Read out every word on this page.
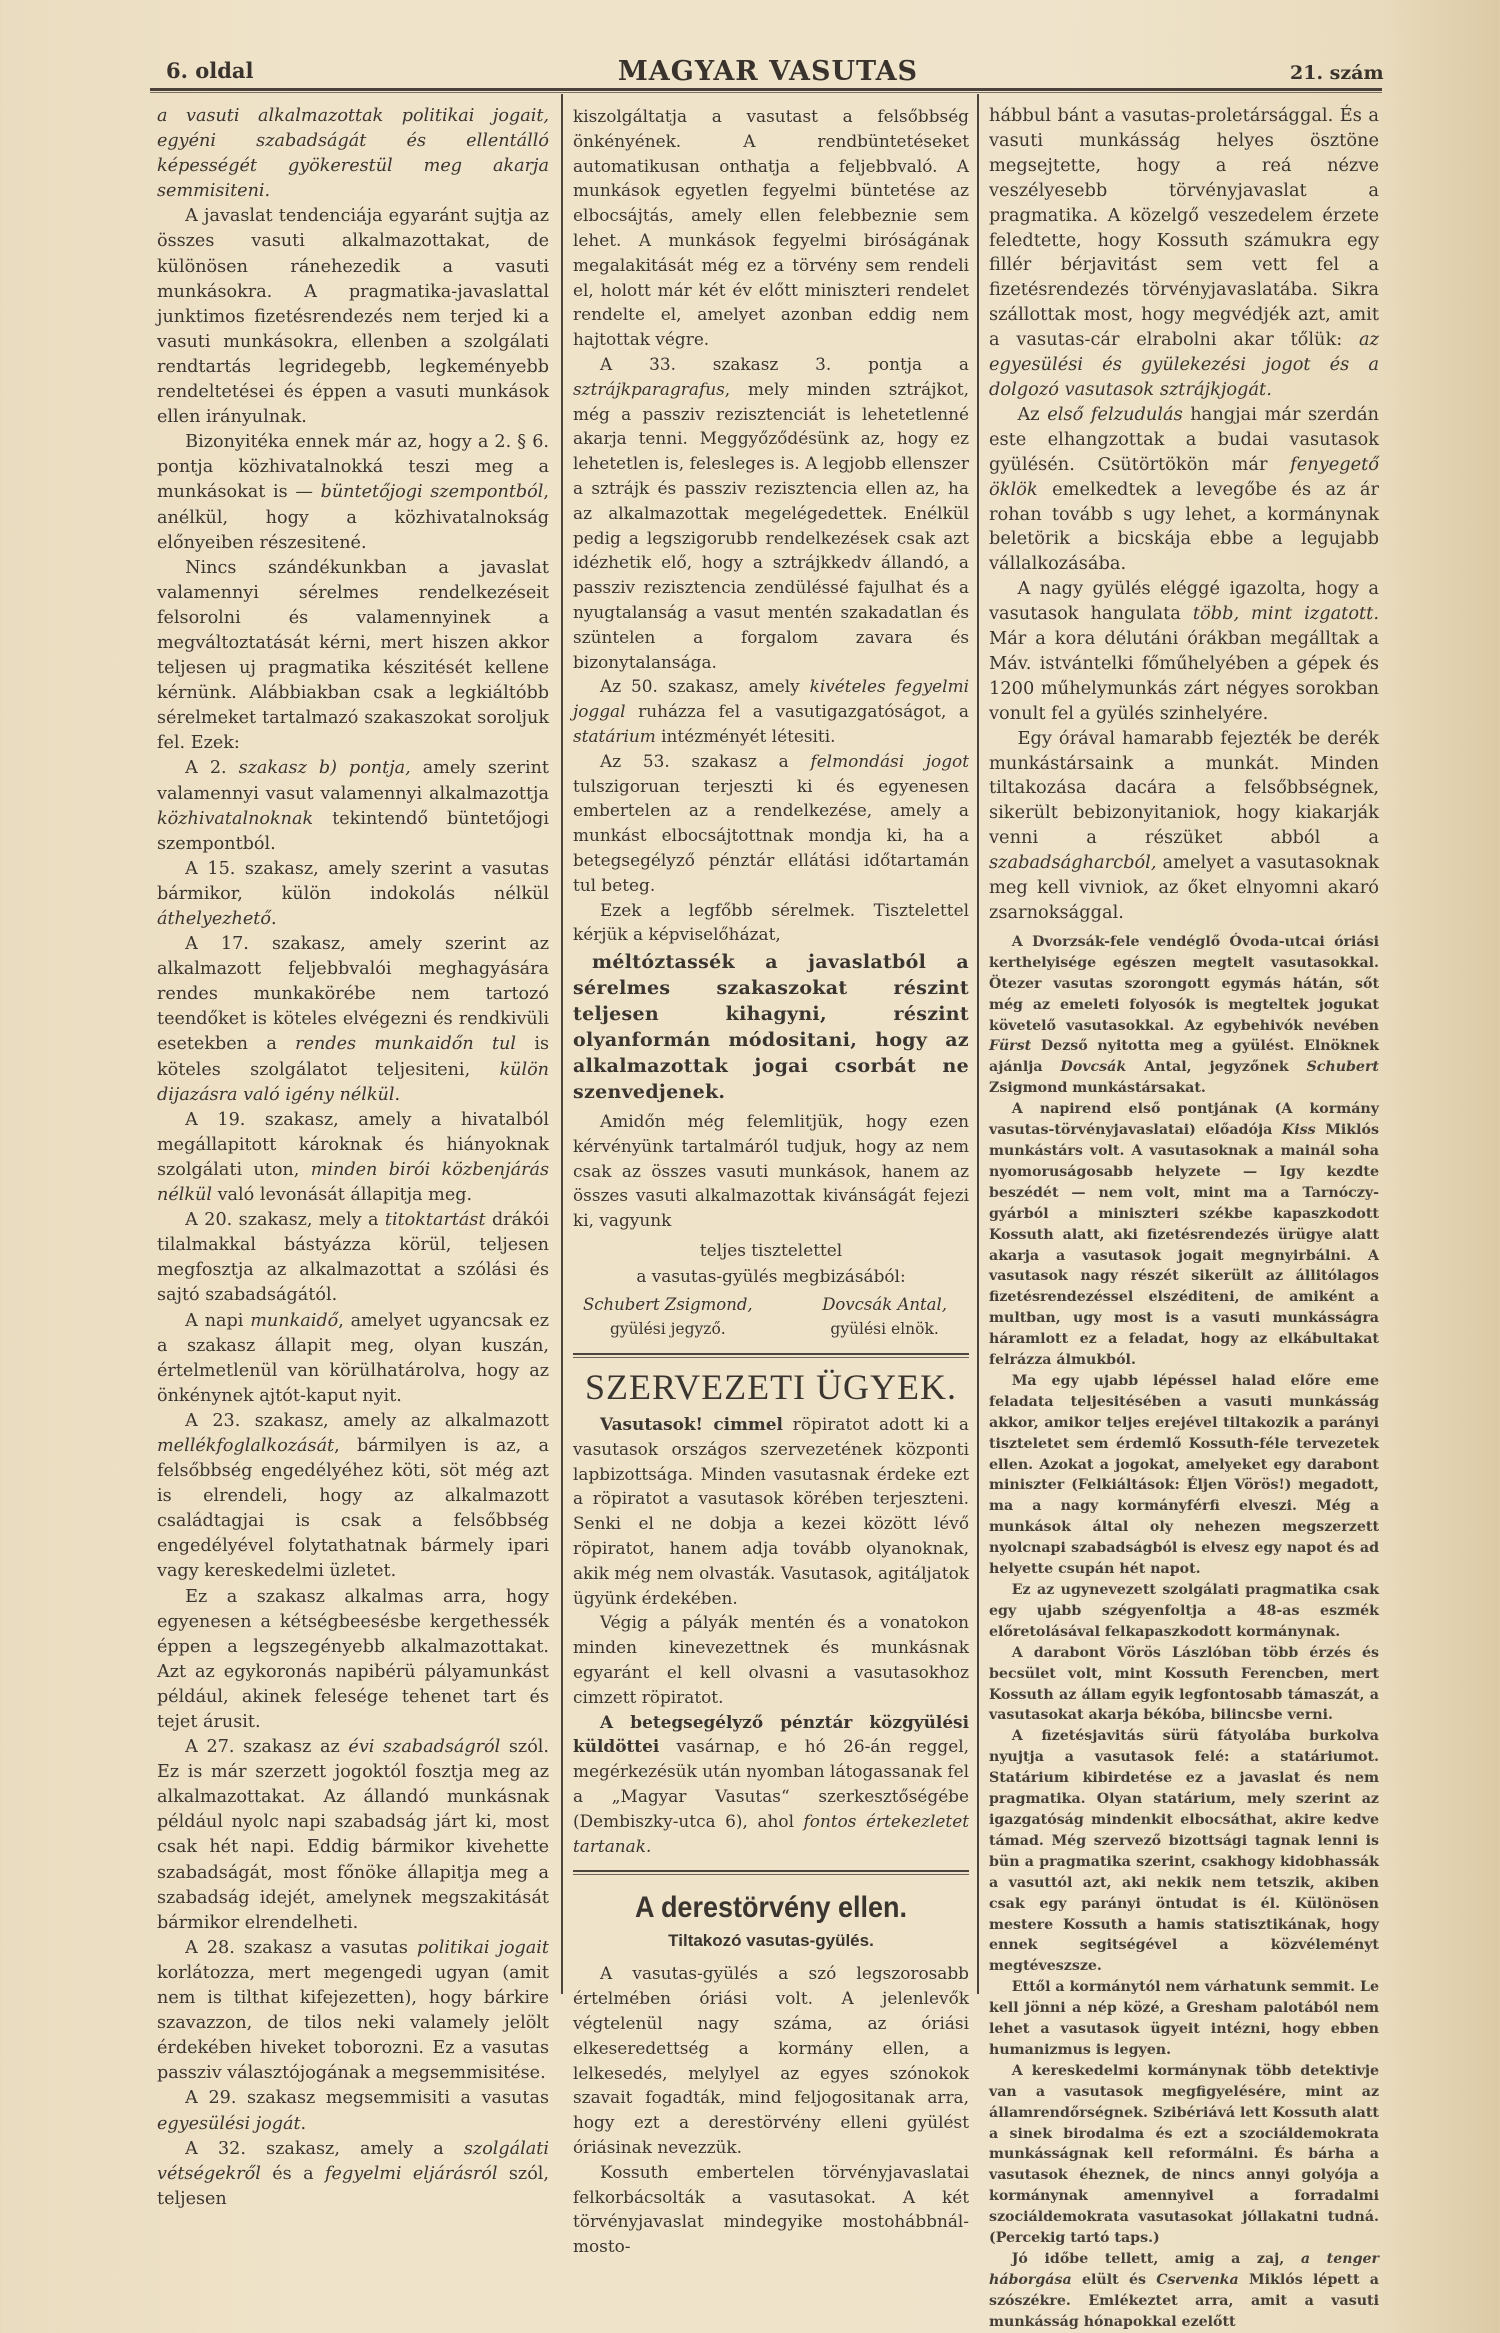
6. oldal	MAGYAR VASUTAS	21. szám

a vasuti alkalmazottak politikai jogait, egyéni szabadságát és ellentálló képességét gyökerestül meg akarja semmisiteni.

A javaslat tendenciája egyaránt sujtja az összes vasuti alkalmazottakat, de különösen ránehezedik a vasuti munkásokra. A pragmatika-javaslattal junktimos fizetésrendezés nem terjed ki a vasuti munkásokra, ellenben a szolgálati rendtartás legridegebb, legkeményebb rendeltetései és éppen a vasuti munkások ellen irányulnak.

Bizonyitéka ennek már az, hogy a 2. § 6. pontja közhivatalnokká teszi meg a munkásokat is — büntetőjogi szempontból, anélkül, hogy a közhivatalnokság előnyeiben részesitené.

Nincs szándékunkban a javaslat valamennyi sérelmes rendelkezéseit felsorolni és valamennyinek a megváltoztatását kérni, mert hiszen akkor teljesen uj pragmatika készitését kellene kérnünk. Alábbiakban csak a legkiáltóbb sérelmeket tartalmazó szakaszokat soroljuk fel. Ezek:

A 2. szakasz b) pontja, amely szerint valamennyi vasut valamennyi alkalmazottja közhivatalnoknak tekintendő büntetőjogi szempontból.

A 15. szakasz, amely szerint a vasutas bármikor, külön indokolás nélkül áthelyezhető.

A 17. szakasz, amely szerint az alkalmazott feljebbvalói meghagyására rendes munkakörébe nem tartozó teendőket is köteles elvégezni és rendkivüli esetekben a rendes munkaidőn tul is köteles szolgálatot teljesiteni, külön dijazásra való igény nélkül.

A 19. szakasz, amely a hivatalból megállapitott károknak és hiányoknak szolgálati uton, minden birói közbenjárás nélkül való levonását állapitja meg.

A 20. szakasz, mely a titoktartást drákói tilalmakkal bástyázza körül, teljesen megfosztja az alkalmazottat a szólási és sajtó szabadságától.

A napi munkaidő, amelyet ugyancsak ez a szakasz állapit meg, olyan kuszán, értelmetlenül van körülhatárolva, hogy az önkénynek ajtót-kaput nyit.

A 23. szakasz, amely az alkalmazott mellékfoglalkozását, bármilyen is az, a felsőbbség engedélyéhez köti, söt még azt is elrendeli, hogy az alkalmazott családtagjai is csak a felsőbbség engedélyével folytathatnak bármely ipari vagy kereskedelmi üzletet.

Ez a szakasz alkalmas arra, hogy egyenesen a kétségbeesésbe kergethessék éppen a legszegényebb alkalmazottakat. Azt az egykoronás napibérü pályamunkást például, akinek felesége tehenet tart és tejet árusit.

A 27. szakasz az évi szabadságról szól. Ez is már szerzett jogoktól fosztja meg az alkalmazottakat. Az állandó munkásnak például nyolc napi szabadság járt ki, most csak hét napi. Eddig bármikor kivehette szabadságát, most főnöke állapitja meg a szabadság idejét, amelynek megszakitását bármikor elrendelheti.

A 28. szakasz a vasutas politikai jogait korlátozza, mert megengedi ugyan (amit nem is tilthat kifejezetten), hogy bárkire szavazzon, de tilos neki valamely jelölt érdekében hiveket toborozni. Ez a vasutas passziv választójogának a megsemmisitése.

A 29. szakasz megsemmisiti a vasutas egyesülési jogát.

A 32. szakasz, amely a szolgálati vétségekről és a fegyelmi eljárásról szól, teljesen

kiszolgáltatja a vasutast a felsőbbség önkényének. A rendbüntetéseket automatikusan onthatja a feljebbvaló. A munkások egyetlen fegyelmi büntetése az elbocsájtás, amely ellen felebbeznie sem lehet. A munkások fegyelmi biróságának megalakitását még ez a törvény sem rendeli el, holott már két év előtt miniszteri rendelet rendelte el, amelyet azonban eddig nem hajtottak végre.

A 33. szakasz 3. pontja a sztrájkparagrafus, mely minden sztrájkot, még a passziv rezisztenciát is lehetetlenné akarja tenni. Meggyőződésünk az, hogy ez lehetetlen is, felesleges is. A legjobb ellenszer a sztrájk és passziv rezisztencia ellen az, ha az alkalmazottak megelégedettek. Enélkül pedig a legszigorubb rendelkezések csak azt idézhetik elő, hogy a sztrájkkedv állandó, a passziv rezisztencia zendüléssé fajulhat és a nyugtalanság a vasut mentén szakadatlan és szüntelen a forgalom zavara és bizonytalansága.

Az 50. szakasz, amely kivételes fegyelmi joggal ruházza fel a vasutigazgatóságot, a statárium intézményét létesiti.

Az 53. szakasz a felmondási jogot tulszigoruan terjeszti ki és egyenesen embertelen az a rendelkezése, amely a munkást elbocsájtottnak mondja ki, ha a betegsegélyző pénztár ellátási időtartamán tul beteg.

Ezek a legfőbb sérelmek. Tisztelettel kérjük a képviselőházat,

méltóztassék a javaslatból a sérelmes szakaszokat részint teljesen kihagyni, részint olyanformán módositani, hogy az alkalmazottak jogai csorbát ne szenvedjenek.

Amidőn még felemlitjük, hogy ezen kérvényünk tartalmáról tudjuk, hogy az nem csak az összes vasuti munkások, hanem az összes vasuti alkalmazottak kivánságát fejezi ki, vagyunk

teljes tisztelettel
a vasutas-gyülés megbizásából:
Schubert Zsigmond,
gyülési jegyző.
Dovcsák Antal,
gyülési elnök.
SZERVEZETI ÜGYEK.

Vasutasok! cimmel röpiratot adott ki a vasutasok országos szervezetének központi lapbizottsága. Minden vasutasnak érdeke ezt a röpiratot a vasutasok körében terjeszteni. Senki el ne dobja a kezei között lévő röpiratot, hanem adja tovább olyanoknak, akik még nem olvasták. Vasutasok, agitáljatok ügyünk érdekében.

Végig a pályák mentén és a vonatokon minden kinevezettnek és munkásnak egyaránt el kell olvasni a vasutasokhoz cimzett röpiratot.

A betegsegélyző pénztár közgyülési küldöttei vasárnap, e hó 26-án reggel, megérkezésük után nyomban látogassanak fel a „Magyar Vasutas“ szerkesztőségébe (Dembiszky-utca 6), ahol fontos értekezletet tartanak.

A derestörvény ellen.
Tiltakozó vasutas-gyülés.

A vasutas-gyülés a szó legszorosabb értelmében óriási volt. A jelenlevők végtelenül nagy száma, az óriási elkeseredettség a kormány ellen, a lelkesedés, melylyel az egyes szónokok szavait fogadták, mind feljogositanak arra, hogy ezt a derestörvény elleni gyülést óriásinak nevezzük.

Kossuth embertelen törvényjavaslatai felkorbácsolták a vasutasokat. A két törvényjavaslat mindegyike mostohábbnál-mosto-

hábbul bánt a vasutas-proletársággal. És a vasuti munkásság helyes ösztöne megsejtette, hogy a reá nézve veszélyesebb törvényjavaslat a pragmatika. A közelgő veszedelem érzete feledtette, hogy Kossuth számukra egy fillér bérjavitást sem vett fel a fizetésrendezés törvényjavaslatába. Sikra szállottak most, hogy megvédjék azt, amit a vasutas-cár elrabolni akar tőlük: az egyesülési és gyülekezési jogot és a dolgozó vasutasok sztrájkjogát.

Az első felzudulás hangjai már szerdán este elhangzottak a budai vasutasok gyülésén. Csütörtökön már fenyegető öklök emelkedtek a levegőbe és az ár rohan tovább s ugy lehet, a kormánynak beletörik a bicskája ebbe a legujabb vállalkozásába.

A nagy gyülés eléggé igazolta, hogy a vasutasok hangulata több, mint izgatott. Már a kora délutáni órákban megálltak a Máv. istvántelki főműhelyében a gépek és 1200 műhelymunkás zárt négyes sorokban vonult fel a gyülés szinhelyére.

Egy órával hamarabb fejezték be derék munkástársaink a munkát. Minden tiltakozása dacára a felsőbbségnek, sikerült bebizonyitaniok, hogy kiakarják venni a részüket abból a szabadságharcból, amelyet a vasutasoknak meg kell vivniok, az őket elnyomni akaró zsarnoksággal.

A Dvorzsák-fele vendéglő Óvoda-utcai óriási kerthelyisége egészen megtelt vasutasokkal. Ötezer vasutas szorongott egymás hátán, sőt még az emeleti folyosók is megteltek jogukat követelő vasutasokkal. Az egybehivók nevében Fürst Dezső nyitotta meg a gyülést. Elnöknek ajánlja Dovcsák Antal, jegyzőnek Schubert Zsigmond munkástársakat.

A napirend első pontjának (A kormány vasutas-törvényjavaslatai) előadója Kiss Miklós munkástárs volt. A vasutasoknak a mainál soha nyomoruságosabb helyzete — Igy kezdte beszédét — nem volt, mint ma a Tarnóczy-gyárból a miniszteri székbe kapaszkodott Kossuth alatt, aki fizetésrendezés ürügye alatt akarja a vasutasok jogait megnyirbálni. A vasutasok nagy részét sikerült az állitólagos fizetésrendezéssel elszéditeni, de amiként a multban, ugy most is a vasuti munkásságra háramlott ez a feladat, hogy az elkábultakat felrázza álmukból.

Ma egy ujabb lépéssel halad előre eme feladata teljesitésében a vasuti munkásság akkor, amikor teljes erejével tiltakozik a parányi tiszteletet sem érdemlő Kossuth-féle tervezetek ellen. Azokat a jogokat, amelyeket egy darabont miniszter (Felkiáltások: Éljen Vörös!) megadott, ma a nagy kormányférfi elveszi. Még a munkások által oly nehezen megszerzett nyolcnapi szabadságból is elvesz egy napot és ad helyette csupán hét napot.

Ez az ugynevezett szolgálati pragmatika csak egy ujabb szégyenfoltja a 48-as eszmék előretolásával felkapaszkodott kormánynak.

A darabont Vörös Lászlóban több érzés és becsület volt, mint Kossuth Ferencben, mert Kossuth az állam egyik legfontosabb támaszát, a vasutasokat akarja békóba, bilincsbe verni.

A fizetésjavitás sürü fátyolába burkolva nyujtja a vasutasok felé: a statáriumot. Statárium kibirdetése ez a javaslat és nem pragmatika. Olyan statárium, mely szerint az igazgatóság mindenkit elbocsáthat, akire kedve támad. Még szervező bizottsági tagnak lenni is bün a pragmatika szerint, csakhogy kidobhassák a vasuttól azt, aki nekik nem tetszik, akiben csak egy parányi öntudat is él. Különösen mestere Kossuth a hamis statisztikának, hogy ennek segitségével a közvéleményt megtéveszsze.

Ettől a kormánytól nem várhatunk semmit. Le kell jönni a nép közé, a Gresham palotából nem lehet a vasutasok ügyeit intézni, hogy ebben humanizmus is legyen.

A kereskedelmi kormánynak több detektivje van a vasutasok megfigyelésére, mint az államrendőrségnek. Szibériává lett Kossuth alatt a sinek birodalma és ezt a szociáldemokrata munkásságnak kell reformálni. És bárha a vasutasok éheznek, de nincs annyi golyója a kormánynak amennyivel a forradalmi szociáldemokrata vasutasokat jóllakatni tudná. (Percekig tartó taps.)

Jó időbe tellett, amig a zaj, a tenger háborgása elült és Cservenka Miklós lépett a szószékre. Emlékeztet arra, amit a vasuti munkásság hónapokkal ezelőtt
